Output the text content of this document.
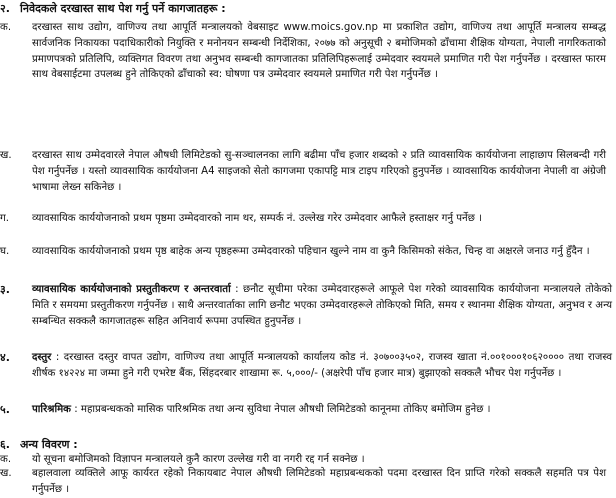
२. निवेदकले दरखास्त साथ पेश गर्नु पर्ने कागजातहरू :
क.	दरखास्त साथ उद्योग, वाणिज्य तथा आपूर्ति मन्त्रालयको वेबसाइट www.moics.gov.np मा प्रकाशित उद्योग, वाणिज्य तथा आपूर्ति मन्त्रालय सम्बद्ध सार्वजनिक निकायका पदाधिकारीको नियुक्ति र मनोनयन सम्बन्धी निर्देशिका, २०७७ को अनुसूची २ बमोजिमको ढाँचामा शैक्षिक योग्यता, नेपाली नागरिकताको प्रमाणपत्रको प्रतिलिपि, व्यक्तिगत विवरण तथा अनुभव सम्बन्धी कागजातका प्रतिलिपिहरूलाई उम्मेदवार स्वयमले प्रमाणित गरी पेश गर्नुपर्नेछ । दरखास्त फारम साथ वेबसाईटमा उपलब्ध हुने तोकिएको ढाँचाको स्व: घोषणा पत्र उम्मेदवार स्वयमले प्रमाणित गरी पेश गर्नुपर्नेछ ।
ख.	दरखास्त साथ उम्मेदवारले नेपाल औषधी लिमिटेडको सु-सञ्चालनका लागि बढीमा पाँच हजार शब्दको २ प्रति व्यावसायिक कार्ययोजना लाहाछाप सिलबन्दी गरी पेश गर्नुपर्नेछ । यस्तो व्यावसायिक कार्ययोजना A4 साइजको सेतो कागजमा एकापट्टि मात्र टाइप गरिएको हुनुपर्नेछ । व्यावसायिक कार्ययोजना नेपाली वा अंग्रेजी भाषामा लेख्न सकिनेछ ।
ग.	व्यावसायिक कार्ययोजनाको प्रथम पृष्ठमा उम्मेदवारको नाम थर, सम्पर्क नं. उल्लेख गरेर उम्मेदवार आफैले हस्ताक्षर गर्नु पर्नेछ ।
घ.	व्यावसायिक कार्ययोजनाको प्रथम पृष्ठ बाहेक अन्य पृष्ठहरूमा उम्मेदवारको पहिचान खुल्ने नाम वा कुनै किसिमको संकेत, चिन्ह वा अक्षरले जनाउ गर्नु हुँदैन ।
३. व्यावसायिक कार्ययोजनाको प्रस्तुतीकरण र अन्तरवार्ता : छनौट सूचीमा परेका उम्मेदवारहरूले आफूले पेश गरेको व्यावसायिक कार्ययोजना मन्त्रालयले तोकेको मिति र समयमा प्रस्तुतीकरण गर्नुपर्नेछ । साथै अन्तरवार्ताका लागि छनौट भएका उम्मेदवारहरूले तोकिएको मिति, समय र स्थानमा शैक्षिक योग्यता, अनुभव र अन्य सम्बन्धित सक्कलै कागजातहरू सहित अनिवार्य रूपमा उपस्थित हुनुपर्नेछ ।
४. दस्तुर : दरखास्त दस्तुर वापत उद्योग, वाणिज्य तथा आपूर्ति मन्त्रालयको कार्यालय कोड नं. ३०७००३५०२, राजस्व खाता नं.००१०००१०६२०००० तथा राजस्व शीर्षक १४२२४ मा जम्मा हुने गरी एभरेष्ट बैंक, सिंहदरबार शाखामा रू. ५,०००/- (अक्षरेपी पाँच हजार मात्र) बुझाएको सक्कलै भौचर पेश गर्नुपर्नेछ ।
५. पारिश्रमिक : महाप्रबन्धकको मासिक पारिश्रमिक तथा अन्य सुविधा नेपाल औषधी लिमिटेडको कानूनमा तोकिए बमोजिम हुनेछ ।
६. अन्य विवरण :
क.	यो सूचना बमोजिमको विज्ञापन मन्त्रालयले कुनै कारण उल्लेख गरी वा नगरी रद्द गर्न सक्नेछ ।
ख.	बहालवाला व्यक्तिले आफू कार्यरत रहेको निकायबाट नेपाल औषधी लिमिटेडको महाप्रबन्धकको पदमा दरखास्त दिन प्राप्ति गरेको सक्कलै सहमति पत्र पेश गर्नुपर्नेछ ।
